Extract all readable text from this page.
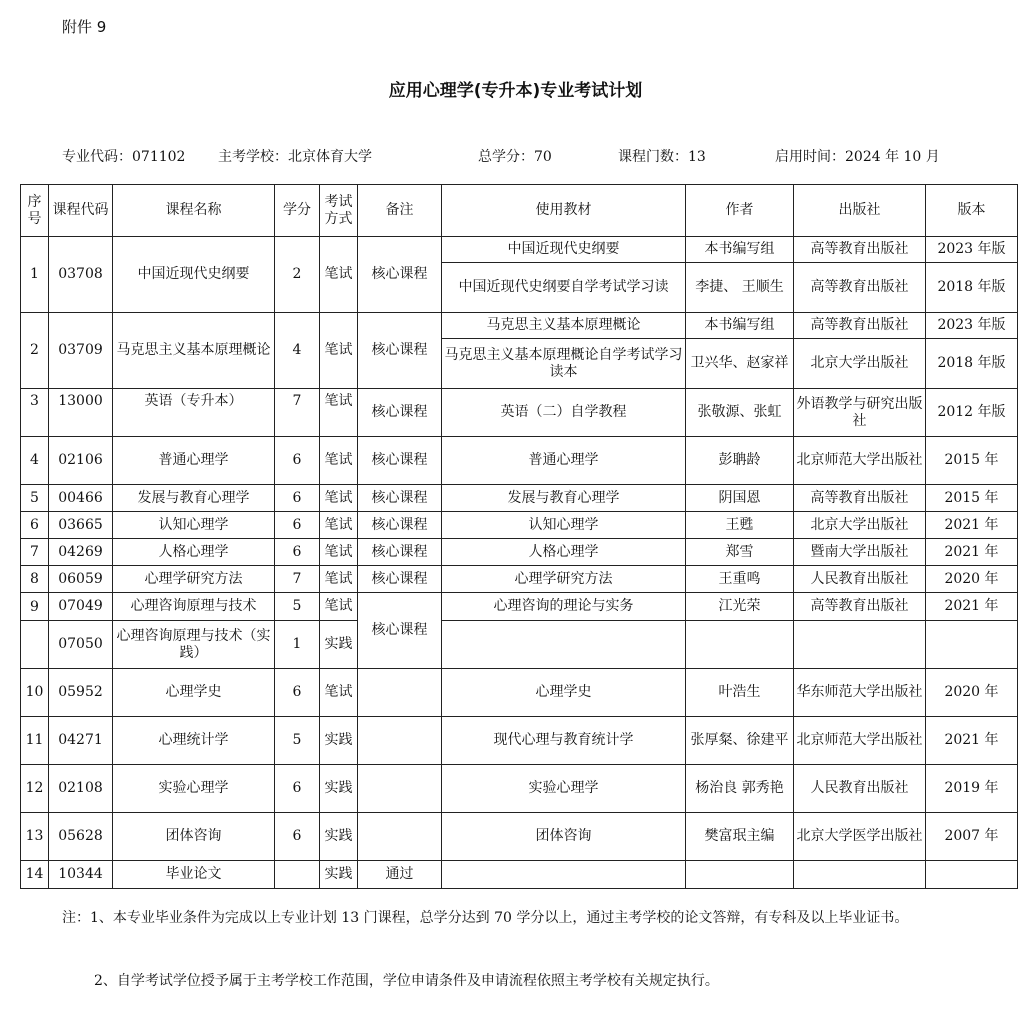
附件 9
应用心理学(专升本)专业考试计划
专业代码：071102 主考学校：北京体育大学	总学分：70	课程门数：13	启用时间：2024 年 10 月
序号	课程代码	课程名称	学分	考试方式	备注	使用教材	作者	出版社	版本
1	03708	中国近现代史纲要	2	笔试	核心课程	中国近现代史纲要	本书编写组	高等教育出版社	2023 年版
						中国近现代史纲要自学考试学习读	李捷、 王顺生	高等教育出版社	2018 年版
2	03709	马克思主义基本原理概论	4	笔试	核心课程	马克思主义基本原理概论	本书编写组	高等教育出版社	2023 年版
						马克思主义基本原理概论自学考试学习读本	卫兴华、赵家祥	北京大学出版社	2018 年版
3	13000	英语（专升本）	7	笔试	核心课程	英语（二）自学教程	张敬源、张虹	外语教学与研究出版社	2012 年版
4	02106	普通心理学	6	笔试	核心课程	普通心理学	彭聃龄	北京师范大学出版社	2015 年
5	00466	发展与教育心理学	6	笔试	核心课程	发展与教育心理学	阴国恩	高等教育出版社	2015 年
6	03665	认知心理学	6	笔试	核心课程	认知心理学	王甦	北京大学出版社	2021 年
7	04269	人格心理学	6	笔试	核心课程	人格心理学	郑雪	暨南大学出版社	2021 年
8	06059	心理学研究方法	7	笔试	核心课程	心理学研究方法	王重鸣	人民教育出版社	2020 年
9	07049	心理咨询原理与技术	5	笔试	核心课程	心理咨询的理论与实务	江光荣	高等教育出版社	2021 年
	07050	心理咨询原理与技术（实践）	1	实践					
10	05952	心理学史	6	笔试		心理学史	叶浩生	华东师范大学出版社	2020 年
11	04271	心理统计学	5	实践		现代心理与教育统计学	张厚粲、徐建平	北京师范大学出版社	2021 年
12	02108	实验心理学	6	实践		实验心理学	杨治良 郭秀艳	人民教育出版社	2019 年
13	05628	团体咨询	6	实践		团体咨询	樊富珉主编	北京大学医学出版社	2007 年
14	10344	毕业论文		实践	通过				
注：1、本专业毕业条件为完成以上专业计划 13 门课程，总学分达到 70 学分以上，通过主考学校的论文答辩，有专科及以上毕业证书。
2、自学考试学位授予属于主考学校工作范围，学位申请条件及申请流程依照主考学校有关规定执行。
